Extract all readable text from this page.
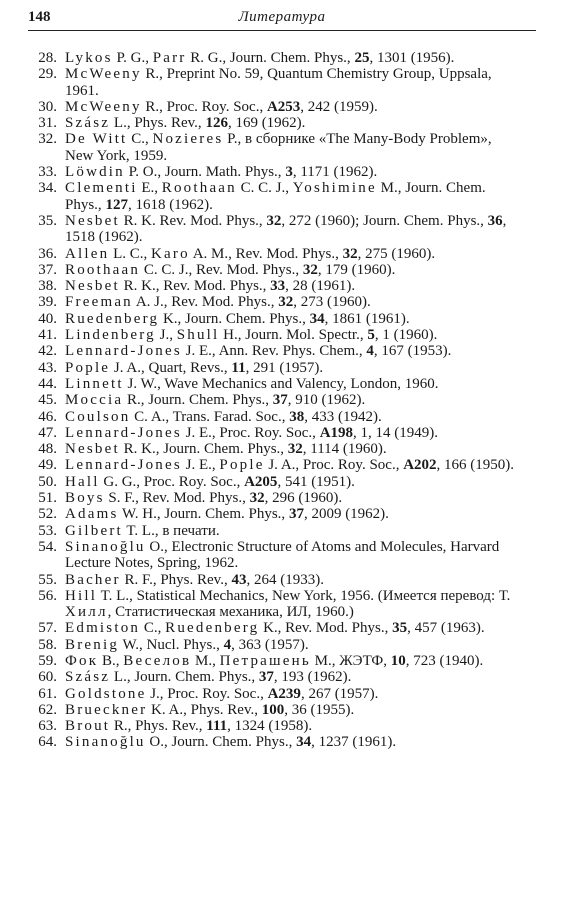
148	Литература
28. Lykos P. G., Parr R. G., Journ. Chem. Phys., 25, 1301 (1956).
29. McWeeny R., Preprint No. 59, Quantum Chemistry Group, Uppsala, 1961.
30. McWeeny R., Proc. Roy. Soc., A253, 242 (1959).
31. Szász L., Phys. Rev., 126, 169 (1962).
32. De Witt C., Nozieres P., в сборнике «The Many-Body Problem», New York, 1959.
33. Löwdin P. O., Journ. Math. Phys., 3, 1171 (1962).
34. Clementi E., Roothaan C. C. J., Yoshimine M., Journ. Chem. Phys., 127, 1618 (1962).
35. Nesbet R. K. Rev. Mod. Phys., 32, 272 (1960); Journ. Chem. Phys., 36, 1518 (1962).
36. Allen L. C., Karo A. M., Rev. Mod. Phys., 32, 275 (1960).
37. Roothaan C. C. J., Rev. Mod. Phys., 32, 179 (1960).
38. Nesbet R. K., Rev. Mod. Phys., 33, 28 (1961).
39. Freeman A. J., Rev. Mod. Phys., 32, 273 (1960).
40. Ruedenberg K., Journ. Chem. Phys., 34, 1861 (1961).
41. Lindenberg J., Shull H., Journ. Mol. Spectr., 5, 1 (1960).
42. Lennard-Jones J. E., Ann. Rev. Phys. Chem., 4, 167 (1953).
43. Pople J. A., Quart, Revs., 11, 291 (1957).
44. Linnett J. W., Wave Mechanics and Valency, London, 1960.
45. Moccia R., Journ. Chem. Phys., 37, 910 (1962).
46. Coulson C. A., Trans. Farad. Soc., 38, 433 (1942).
47. Lennard-Jones J. E., Proc. Roy. Soc., A198, 1, 14 (1949).
48. Nesbet R. K., Journ. Chem. Phys., 32, 1114 (1960).
49. Lennard-Jones J. E., Pople J. A., Proc. Roy. Soc., A202, 166 (1950).
50. Hall G. G., Proc. Roy. Soc., A205, 541 (1951).
51. Boys S. F., Rev. Mod. Phys., 32, 296 (1960).
52. Adams W. H., Journ. Chem. Phys., 37, 2009 (1962).
53. Gilbert T. L., в печати.
54. Sinanoğlu O., Electronic Structure of Atoms and Molecules, Harvard Lecture Notes, Spring, 1962.
55. Bacher R. F., Phys. Rev., 43, 264 (1933).
56. Hill T. L., Statistical Mechanics, New York, 1956. (Имеется перевод: Т. Хилл, Статистическая механика, ИЛ, 1960.)
57. Edmiston C., Ruedenberg K., Rev. Mod. Phys., 35, 457 (1963).
58. Brenig W., Nucl. Phys., 4, 363 (1957).
59. Фок В., Веселов М., Петрашень М., ЖЭТФ, 10, 723 (1940).
60. Szász L., Journ. Chem. Phys., 37, 193 (1962).
61. Goldstone J., Proc. Roy. Soc., A239, 267 (1957).
62. Brueckner K. A., Phys. Rev., 100, 36 (1955).
63. Brout R., Phys. Rev., 111, 1324 (1958).
64. Sinanoğlu O., Journ. Chem. Phys., 34, 1237 (1961).
